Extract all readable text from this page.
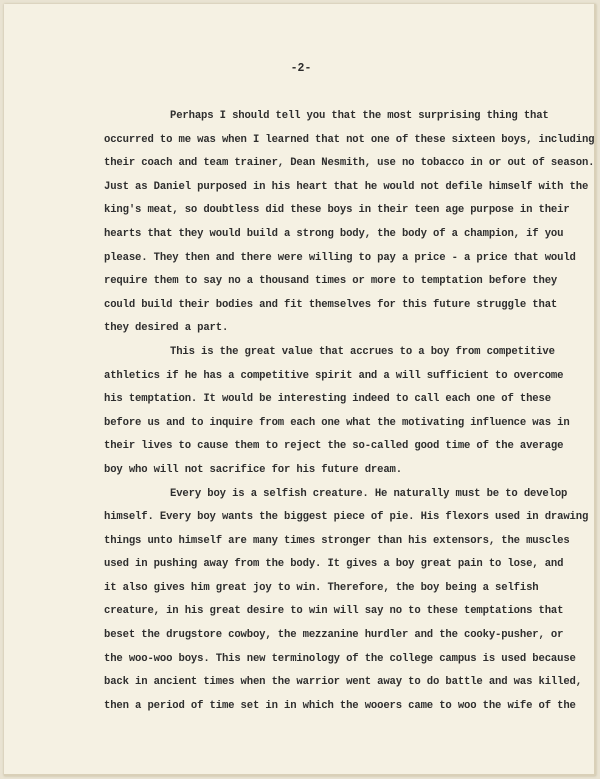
-2-
Perhaps I should tell you that the most surprising thing that
occurred to me was when I learned that not one of these sixteen boys, including
their coach and team trainer, Dean Nesmith, use no tobacco in or out of season.
Just as Daniel purposed in his heart that he would not defile himself with the
king's meat, so doubtless did these boys in their teen age purpose in their
hearts that they would build a strong body, the body of a champion, if you
please. They then and there were willing to pay a price - a price that would
require them to say no a thousand times or more to temptation before they
could build their bodies and fit themselves for this future struggle that
they desired a part.
This is the great value that accrues to a boy from competitive
athletics if he has a competitive spirit and a will sufficient to overcome
his temptation. It would be interesting indeed to call each one of these
before us and to inquire from each one what the motivating influence was in
their lives to cause them to reject the so-called good time of the average
boy who will not sacrifice for his future dream.
Every boy is a selfish creature. He naturally must be to develop
himself. Every boy wants the biggest piece of pie. His flexors used in drawing
things unto himself are many times stronger than his extensors, the muscles
used in pushing away from the body. It gives a boy great pain to lose, and
it also gives him great joy to win. Therefore, the boy being a selfish
creature, in his great desire to win will say no to these temptations that
beset the drugstore cowboy, the mezzanine hurdler and the cooky-pusher, or
the woo-woo boys. This new terminology of the college campus is used because
back in ancient times when the warrior went away to do battle and was killed,
then a period of time set in in which the wooers came to woo the wife of the
